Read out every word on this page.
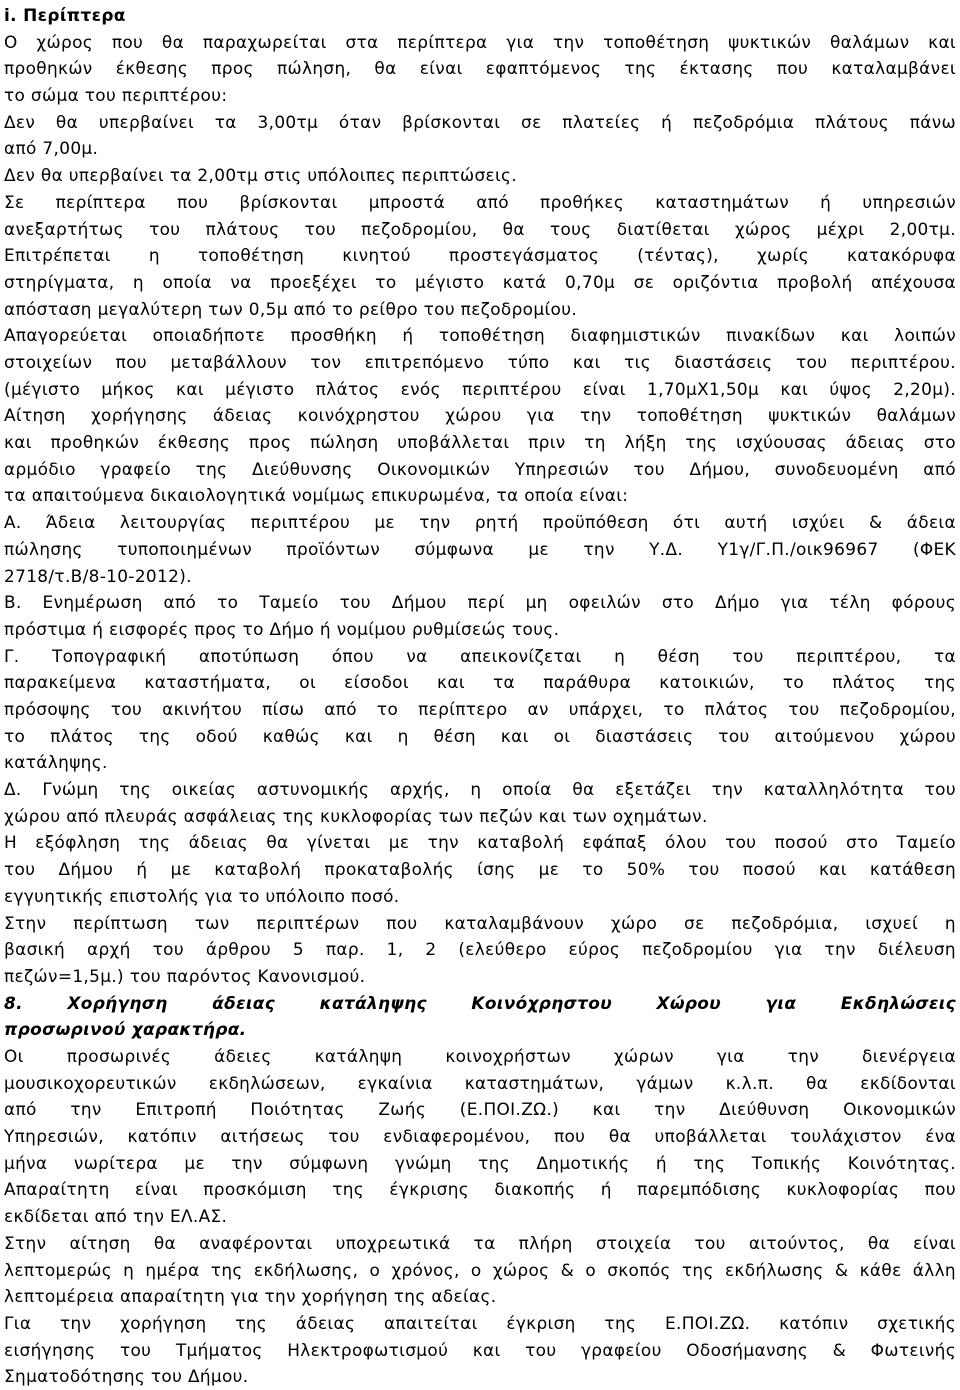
i. Περίπτερα
Ο χώρος που θα παραχωρείται στα περίπτερα για την τοποθέτηση ψυκτικών θαλάμων και
προθηκών έκθεσης προς πώληση, θα είναι εφαπτόμενος της έκτασης που καταλαμβάνει
το σώμα του περιπτέρου:
Δεν θα υπερβαίνει τα 3,00τμ όταν βρίσκονται σε πλατείες ή πεζοδρόμια πλάτους πάνω
από 7,00μ.
Δεν θα υπερβαίνει τα 2,00τμ στις υπόλοιπες περιπτώσεις.
Σε περίπτερα που βρίσκονται μπροστά από προθήκες καταστημάτων ή υπηρεσιών
ανεξαρτήτως του πλάτους του πεζοδρομίου, θα τους διατίθεται χώρος μέχρι 2,00τμ.
Επιτρέπεται η τοποθέτηση κινητού προστεγάσματος (τέντας), χωρίς κατακόρυφα
στηρίγματα, η οποία να προεξέχει το μέγιστο κατά 0,70μ σε οριζόντια προβολή απέχουσα
απόσταση μεγαλύτερη των 0,5μ από το ρείθρο του πεζοδρομίου.
Απαγορεύεται οποιαδήποτε προσθήκη ή τοποθέτηση διαφημιστικών πινακίδων και λοιπών
στοιχείων που μεταβάλλουν τον επιτρεπόμενο τύπο και τις διαστάσεις του περιπτέρου.
(μέγιστο μήκος και μέγιστο πλάτος ενός περιπτέρου είναι 1,70μΧ1,50μ και ύψος 2,20μ).
Αίτηση χορήγησης άδειας κοινόχρηστου χώρου για την τοποθέτηση ψυκτικών θαλάμων
και προθηκών έκθεσης προς πώληση υποβάλλεται πριν τη λήξη της ισχύουσας άδειας στο
αρμόδιο γραφείο της Διεύθυνσης Οικονομικών Υπηρεσιών του Δήμου, συνοδευομένη από
τα απαιτούμενα δικαιολογητικά νομίμως επικυρωμένα, τα οποία είναι:
Α. Άδεια λειτουργίας περιπτέρου με την ρητή προϋπόθεση ότι αυτή ισχύει & άδεια
πώλησης τυποποιημένων προϊόντων σύμφωνα με την Υ.Δ. Υ1γ/Γ.Π./οικ96967 (ΦΕΚ
2718/τ.Β/8-10-2012).
Β. Ενημέρωση από το Ταμείο του Δήμου περί μη οφειλών στο Δήμο για τέλη φόρους
πρόστιμα ή εισφορές προς το Δήμο ή νομίμου ρυθμίσεώς τους.
Γ. Τοπογραφική αποτύπωση όπου να απεικονίζεται η θέση του περιπτέρου, τα
παρακείμενα καταστήματα, οι είσοδοι και τα παράθυρα κατοικιών, το πλάτος της
πρόσοψης του ακινήτου πίσω από το περίπτερο αν υπάρχει, το πλάτος του πεζοδρομίου,
το πλάτος της οδού καθώς και η θέση και οι διαστάσεις του αιτούμενου χώρου
κατάληψης.
Δ. Γνώμη της οικείας αστυνομικής αρχής, η οποία θα εξετάζει την καταλληλότητα του
χώρου από πλευράς ασφάλειας της κυκλοφορίας των πεζών και των οχημάτων.
Η εξόφληση της άδειας θα γίνεται με την καταβολή εφάπαξ όλου του ποσού στο Ταμείο
του Δήμου ή με καταβολή προκαταβολής ίσης με το 50% του ποσού και κατάθεση
εγγυητικής επιστολής για το υπόλοιπο ποσό.
Στην περίπτωση των περιπτέρων που καταλαμβάνουν χώρο σε πεζοδρόμια, ισχυεί η
βασική αρχή του άρθρου 5 παρ. 1, 2 (ελεύθερο εύρος πεζοδρομίου για την διέλευση
πεζών=1,5μ.) του παρόντος Κανονισμού.
8. Χορήγηση άδειας κατάληψης Κοινόχρηστου Χώρου για Εκδηλώσεις
προσωρινού χαρακτήρα.
Οι προσωρινές άδειες κατάληψη κοινοχρήστων χώρων για την διενέργεια
μουσικοχορευτικών εκδηλώσεων, εγκαίνια καταστημάτων, γάμων κ.λ.π. θα εκδίδονται
από την Επιτροπή Ποιότητας Ζωής (Ε.ΠΟΙ.ΖΩ.) και την Διεύθυνση Οικονομικών
Υπηρεσιών, κατόπιν αιτήσεως του ενδιαφερομένου, που θα υποβάλλεται τουλάχιστον ένα
μήνα νωρίτερα με την σύμφωνη γνώμη της Δημοτικής ή της Τοπικής Κοινότητας.
Απαραίτητη είναι προσκόμιση της έγκρισης διακοπής ή παρεμπόδισης κυκλοφορίας που
εκδίδεται από την ΕΛ.ΑΣ.
Στην αίτηση θα αναφέρονται υποχρεωτικά τα πλήρη στοιχεία του αιτούντος, θα είναι
λεπτομερώς η ημέρα της εκδήλωσης, ο χρόνος, ο χώρος & ο σκοπός της εκδήλωσης & κάθε άλλη
λεπτομέρεια απαραίτητη για την χορήγηση της αδείας.
Για την χορήγηση της άδειας απαιτείται έγκριση της Ε.ΠΟΙ.ΖΩ. κατόπιν σχετικής
εισήγησης του Τμήματος Ηλεκτροφωτισμού και του γραφείου Οδοσήμανσης & Φωτεινής
Σηματοδότησης του Δήμου.
